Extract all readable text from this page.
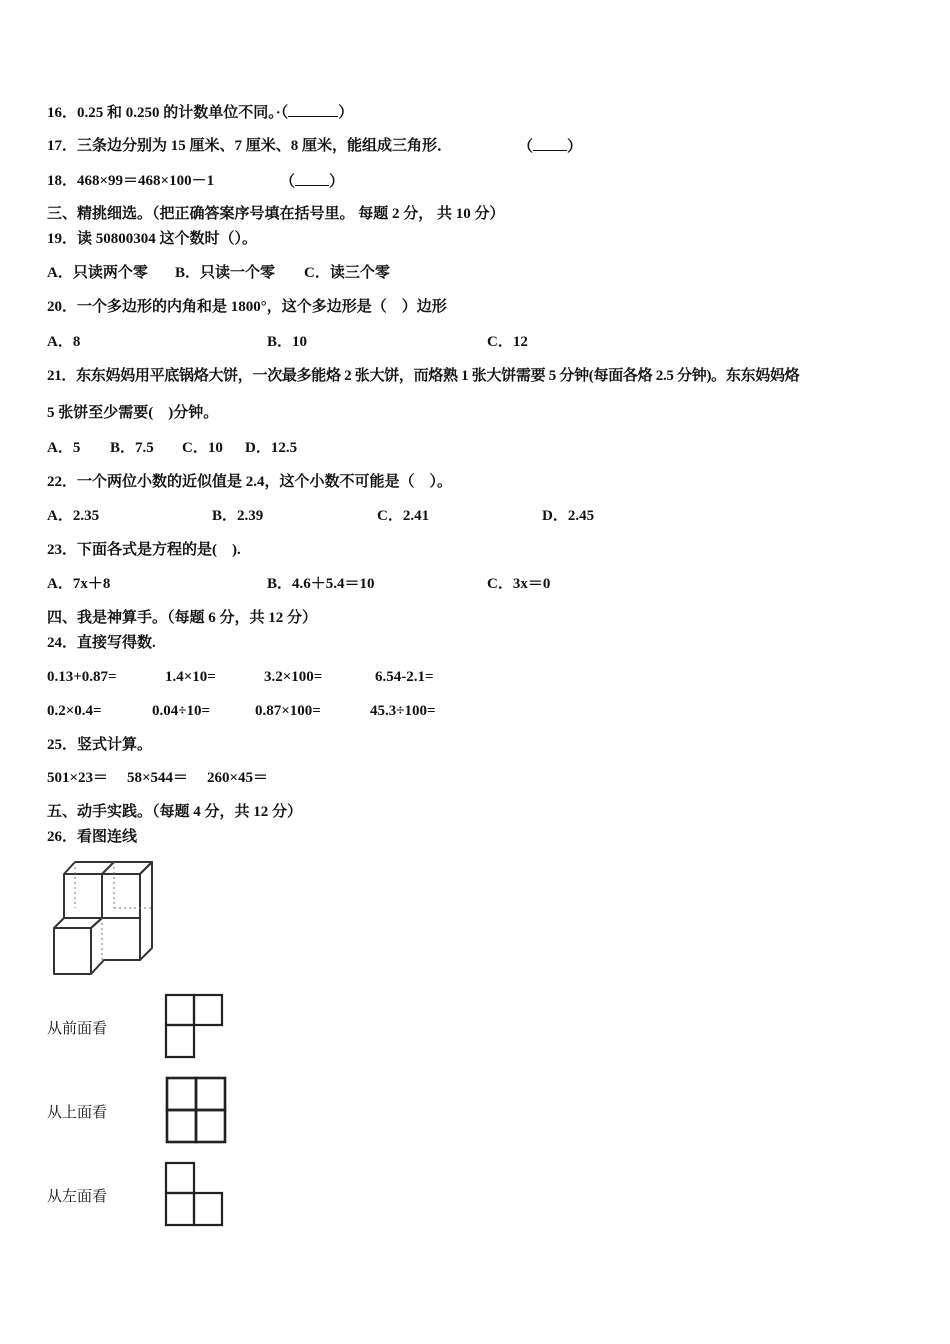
16．0.25 和 0.250 的计数单位不同。·（	）
17．三条边分别为 15 厘米、7 厘米、8 厘米，能组成三角形．	（ ）
18．468×99＝468×100－1	（ ）
三、精挑细选。（把正确答案序号填在括号里。 每题 2 分， 共 10 分）
19．读 50800304 这个数时（）。
A．只读两个零 B．只读一个零 C．读三个零
20．一个多边形的内角和是 1800°，这个多边形是（　）边形
A．8	B．10	C．12
21．东东妈妈用平底锅烙大饼，一次最多能烙 2 张大饼，而烙熟 1 张大饼需要 5 分钟(每面各烙 2.5 分钟)。东东妈妈烙
5 张饼至少需要(　)分钟。
A．5 B．7.5 C．10 D．12.5
22．一个两位小数的近似值是 2.4，这个小数不可能是（　）。
A．2.35	B．2.39	C．2.41	D．2.45
23．下面各式是方程的是(　).
A．7x＋8	B．4.6＋5.4＝10	C．3x＝0
四、我是神算手。（每题 6 分，共 12 分）
24．直接写得数.
0.13+0.87=	1.4×10=	3.2×100=	6.54-2.1=
0.2×0.4=	0.04÷10=	0.87×100=	45.3÷100=
25．竖式计算。
501×23＝ 58×544＝ 260×45＝
五、动手实践。（每题 4 分，共 12 分）
26．看图连线
从前面看
从上面看
从左面看
